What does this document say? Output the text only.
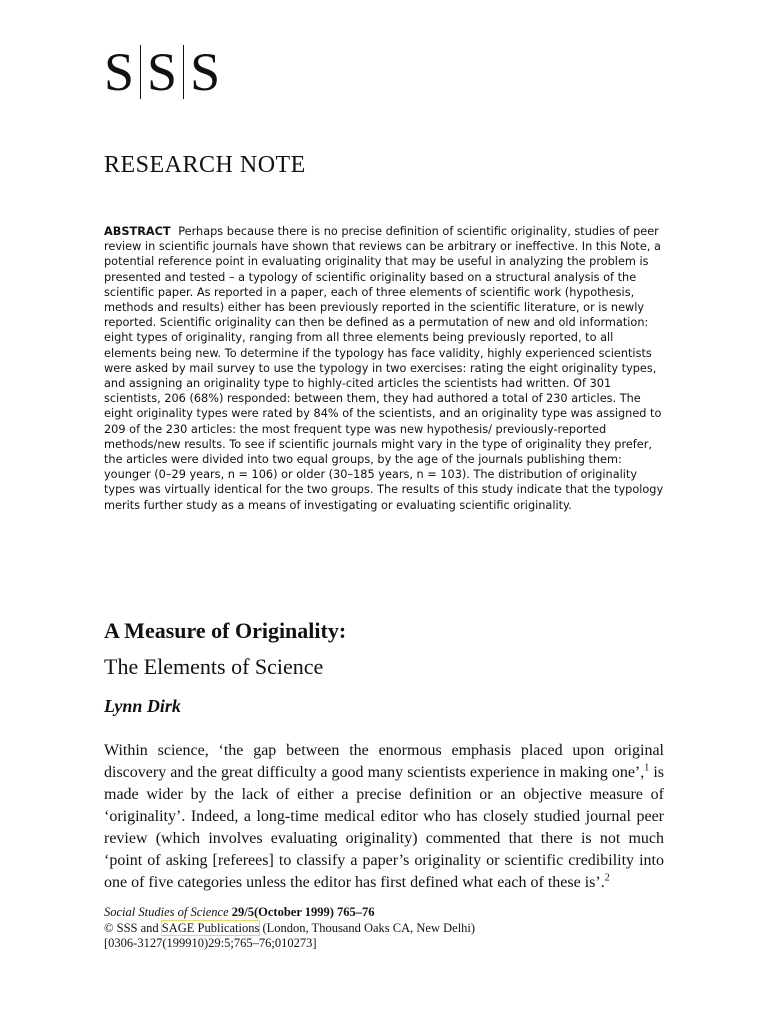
S S S
RESEARCH NOTE

ABSTRACT Perhaps because there is no precise definition of scientific originality, studies of peer review in scientific journals have shown that reviews can be arbitrary or ineffective. In this Note, a potential reference point in evaluating originality that may be useful in analyzing the problem is presented and tested – a typology of scientific originality based on a structural analysis of the scientific paper. As reported in a paper, each of three elements of scientific work (hypothesis, methods and results) either has been previously reported in the scientific literature, or is newly reported. Scientific originality can then be defined as a permutation of new and old information: eight types of originality, ranging from all three elements being previously reported, to all elements being new. To determine if the typology has face validity, highly experienced scientists were asked by mail survey to use the typology in two exercises: rating the eight originality types, and assigning an originality type to highly-cited articles the scientists had written. Of 301 scientists, 206 (68%) responded: between them, they had authored a total of 230 articles. The eight originality types were rated by 84% of the scientists, and an originality type was assigned to 209 of the 230 articles: the most frequent type was new hypothesis/ previously-reported methods/new results. To see if scientific journals might vary in the type of originality they prefer, the articles were divided into two equal groups, by the age of the journals publishing them: younger (0–29 years, n = 106) or older (30–185 years, n = 103). The distribution of originality types was virtually identical for the two groups. The results of this study indicate that the typology merits further study as a means of investigating or evaluating scientific originality.

A Measure of Originality:
The Elements of Science

Lynn Dirk

Within science, ‘the gap between the enormous emphasis placed upon original discovery and the great difficulty a good many scientists experience in making one’,$^1$ is made wider by the lack of either a precise definition or an objective measure of ‘originality’. Indeed, a long-time medical editor who has closely studied journal peer review (which involves evaluating originality) commented that there is not much ‘point of asking [referees] to classify a paper’s originality or scientific credibility into one of five categories unless the editor has first defined what each of these is’.$^2$

Social Studies of Science 29/5(October 1999) 765–76
© SSS and SAGE Publications (London, Thousand Oaks CA, New Delhi)
[0306-3127(199910)29:5;765–76;010273]
